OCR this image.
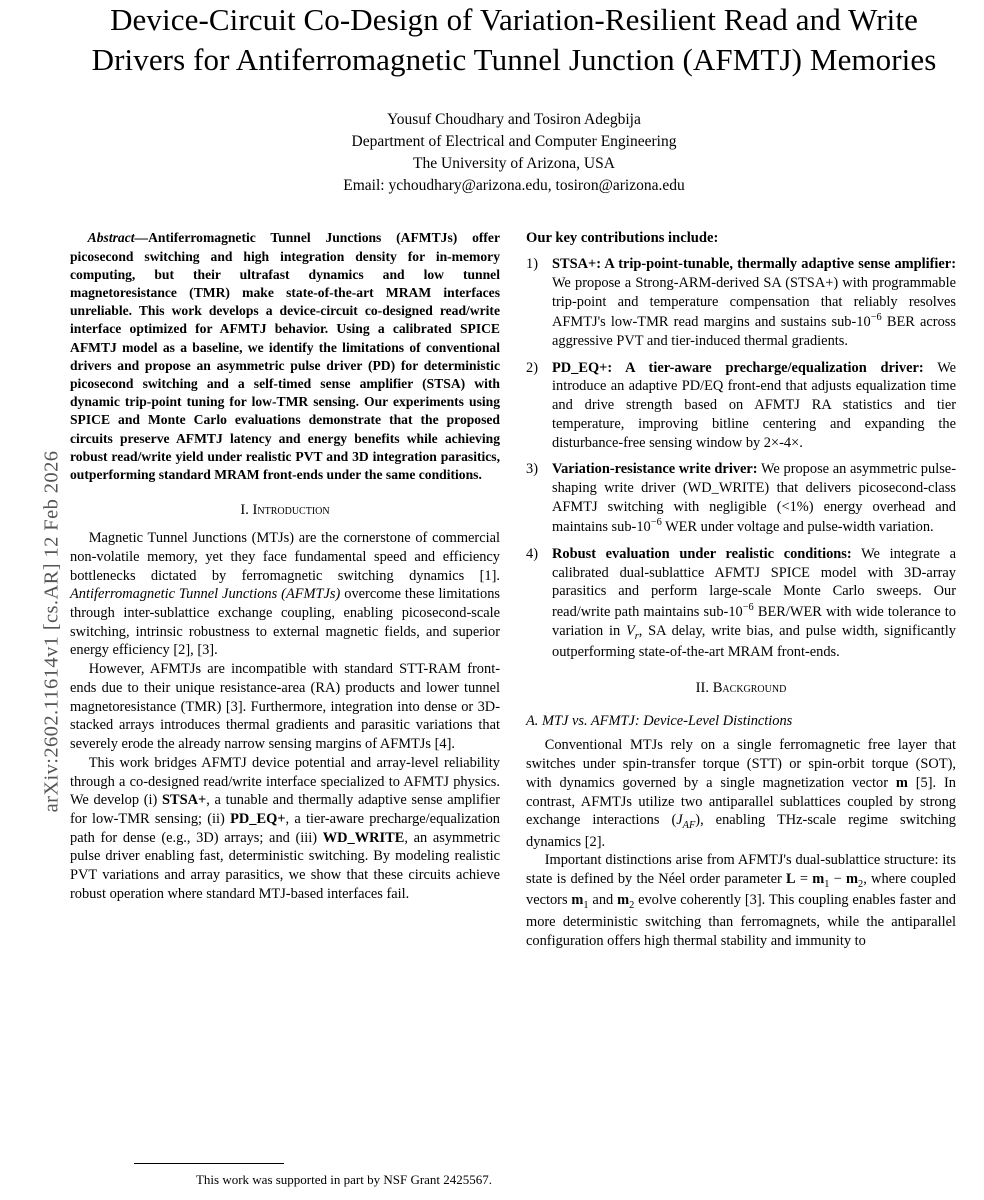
arXiv:2602.11614v1 [cs.AR] 12 Feb 2026
Device-Circuit Co-Design of Variation-Resilient Read and Write Drivers for Antiferromagnetic Tunnel Junction (AFMTJ) Memories
Yousuf Choudhary and Tosiron Adegbija
Department of Electrical and Computer Engineering
The University of Arizona, USA
Email: ychoudhary@arizona.edu, tosiron@arizona.edu

Abstract—Antiferromagnetic Tunnel Junctions (AFMTJs) offer picosecond switching and high integration density for in-memory computing, but their ultrafast dynamics and low tunnel magnetoresistance (TMR) make state-of-the-art MRAM interfaces unreliable. This work develops a device-circuit co-designed read/write interface optimized for AFMTJ behavior. Using a calibrated SPICE AFMTJ model as a baseline, we identify the limitations of conventional drivers and propose an asymmetric pulse driver (PD) for deterministic picosecond switching and a self-timed sense amplifier (STSA) with dynamic trip-point tuning for low-TMR sensing. Our experiments using SPICE and Monte Carlo evaluations demonstrate that the proposed circuits preserve AFMTJ latency and energy benefits while achieving robust read/write yield under realistic PVT and 3D integration parasitics, outperforming standard MRAM front-ends under the same conditions.

I. Introduction

Magnetic Tunnel Junctions (MTJs) are the cornerstone of commercial non-volatile memory, yet they face fundamental speed and efficiency bottlenecks dictated by ferromagnetic switching dynamics [1]. Antiferromagnetic Tunnel Junctions (AFMTJs) overcome these limitations through inter-sublattice exchange coupling, enabling picosecond-scale switching, intrinsic robustness to external magnetic fields, and superior energy efficiency [2], [3].

However, AFMTJs are incompatible with standard STT-RAM front-ends due to their unique resistance-area (RA) products and lower tunnel magnetoresistance (TMR) [3]. Furthermore, integration into dense or 3D-stacked arrays introduces thermal gradients and parasitic variations that severely erode the already narrow sensing margins of AFMTJs [4].

This work bridges AFMTJ device potential and array-level reliability through a co-designed read/write interface specialized to AFMTJ physics. We develop (i) STSA+, a tunable and thermally adaptive sense amplifier for low-TMR sensing; (ii) PD_EQ+, a tier-aware precharge/equalization path for dense (e.g., 3D) arrays; and (iii) WD_WRITE, an asymmetric pulse driver enabling fast, deterministic switching. By modeling realistic PVT variations and array parasitics, we show that these circuits achieve robust operation where standard MTJ-based interfaces fail.

Our key contributions include:
1) STSA+: A trip-point-tunable, thermally adaptive sense amplifier: We propose a Strong-ARM-derived SA (STSA+) with programmable trip-point and temperature compensation that reliably resolves AFMTJ's low-TMR read margins and sustains sub-$10^{-6}$ BER across aggressive PVT and tier-induced thermal gradients.
2) PD_EQ+: A tier-aware precharge/equalization driver: We introduce an adaptive PD/EQ front-end that adjusts equalization time and drive strength based on AFMTJ RA statistics and tier temperature, improving bitline centering and expanding the disturbance-free sensing window by 2×-4×.
3) Variation-resistance write driver: We propose an asymmetric pulse-shaping write driver (WD_WRITE) that delivers picosecond-class AFMTJ switching with negligible (<1%) energy overhead and maintains sub-$10^{-6}$ WER under voltage and pulse-width variation.
4) Robust evaluation under realistic conditions: We integrate a calibrated dual-sublattice AFMTJ SPICE model with 3D-array parasitics and perform large-scale Monte Carlo sweeps. Our read/write path maintains sub-$10^{-6}$ BER/WER with wide tolerance to variation in $V_r$, SA delay, write bias, and pulse width, significantly outperforming state-of-the-art MRAM front-ends.
II. Background
A. MTJ vs. AFMTJ: Device-Level Distinctions

Conventional MTJs rely on a single ferromagnetic free layer that switches under spin-transfer torque (STT) or spin-orbit torque (SOT), with dynamics governed by a single magnetization vector m [5]. In contrast, AFMTJs utilize two antiparallel sublattices coupled by strong exchange interactions $(J_{AF})$, enabling THz-scale regime switching dynamics [2].

Important distinctions arise from AFMTJ's dual-sublattice structure: its state is defined by the Néel order parameter $L = m_1 - m_2$, where coupled vectors $m_1$ and $m_2$ evolve coherently [3]. This coupling enables faster and more deterministic switching than ferromagnets, while the antiparallel configuration offers high thermal stability and immunity to

This work was supported in part by NSF Grant 2425567.
